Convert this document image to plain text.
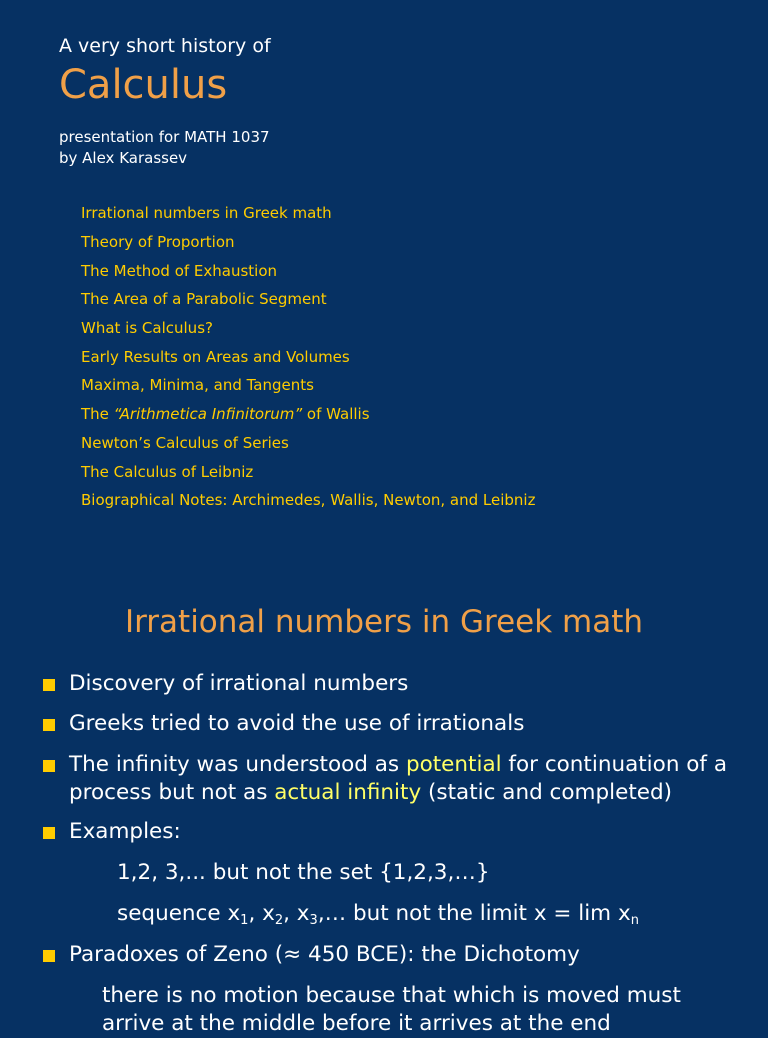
A very short history of
Calculus
presentation for MATH 1037
by Alex Karassev
Irrational numbers in Greek math
Theory of Proportion
The Method of Exhaustion
The Area of a Parabolic Segment
What is Calculus?
Early Results on Areas and Volumes
Maxima, Minima, and Tangents
The “Arithmetica Infinitorum” of Wallis
Newton’s Calculus of Series
The Calculus of Leibniz
Biographical Notes: Archimedes, Wallis, Newton, and Leibniz
Irrational numbers in Greek math
Discovery of irrational numbers
Greeks tried to avoid the use of irrationals
The infinity was understood as potential for continuation of a process but not as actual infinity (static and completed)
Examples:
1,2, 3,... but not the set {1,2,3,…}
sequence $x_1$, $x_2$, $x_3,\dots$ but not the limit $x = \lim x_n$
Paradoxes of Zeno (≈ 450 BCE): the Dichotomy
there is no motion because that which is moved must arrive at the middle before it arrives at the end
